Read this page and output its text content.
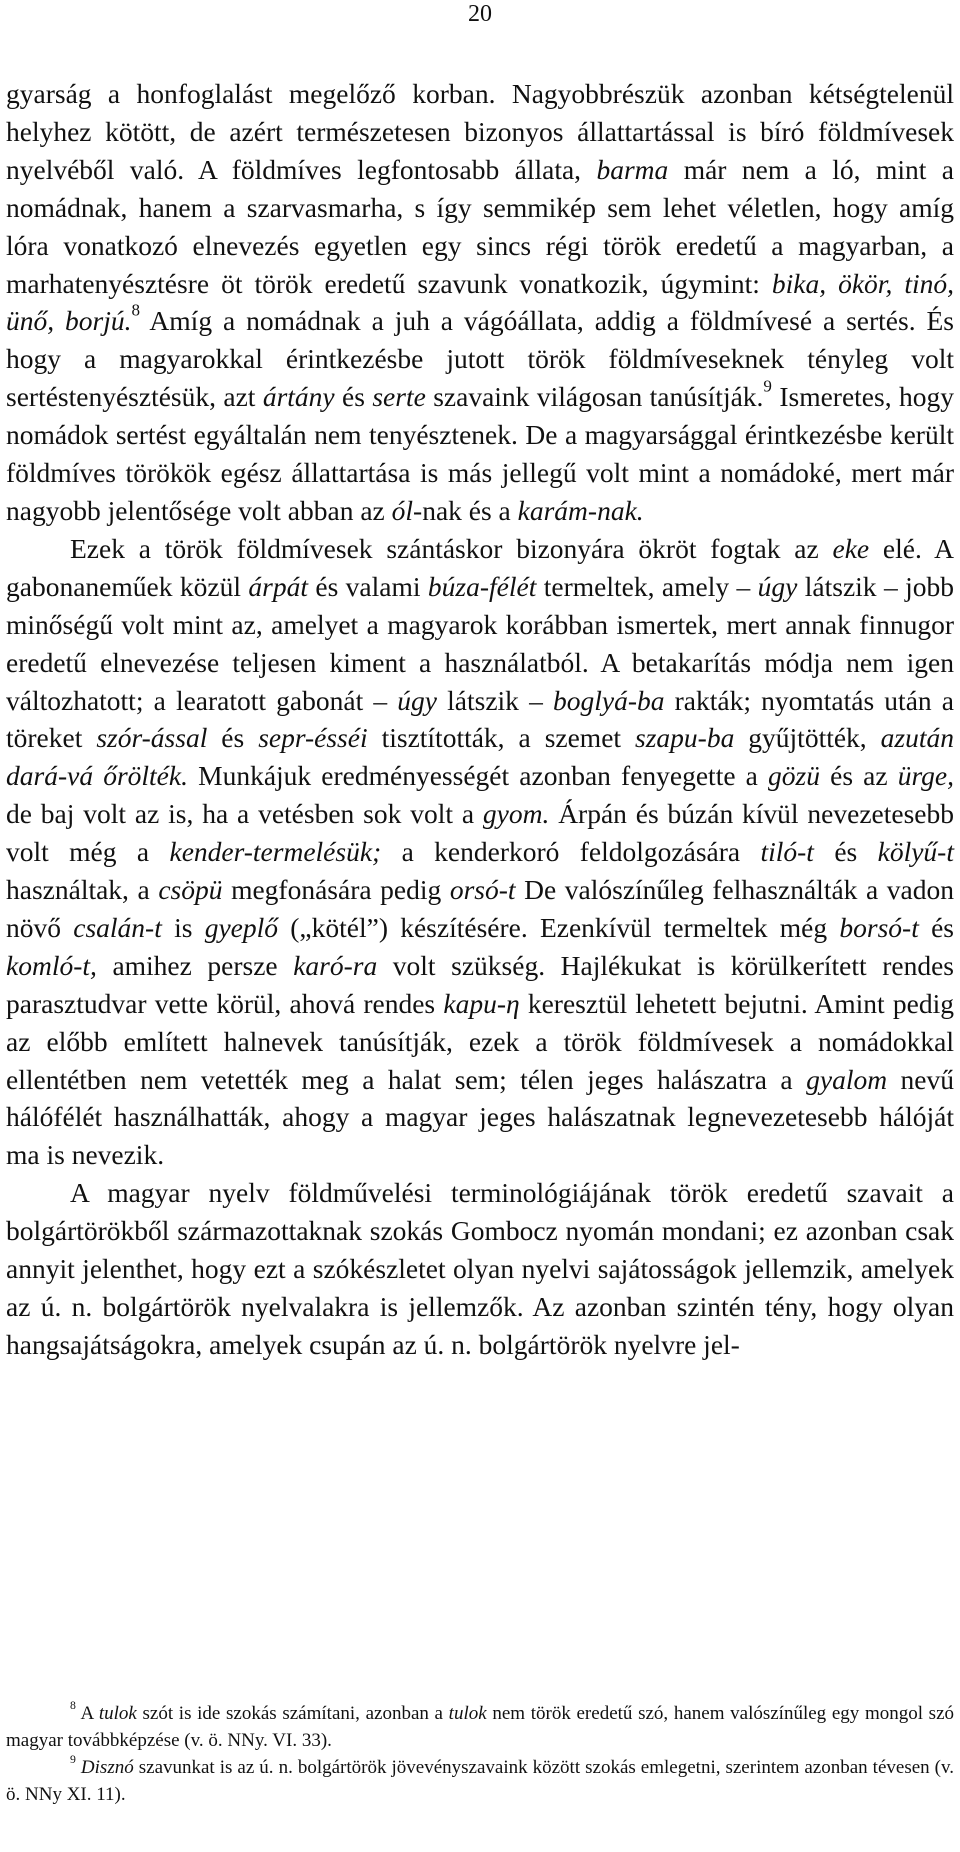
20

gyarság a honfoglalást megelőző korban. Nagyobbrészük azonban kétségtelenül helyhez kötött, de azért természetesen bizonyos állattartással is bíró földmívesek nyelvéből való. A földmíves legfontosabb állata, barma már nem a ló, mint a nomádnak, hanem a szarvasmarha, s így semmikép sem lehet véletlen, hogy amíg lóra vonatkozó elnevezés egyetlen egy sincs régi török eredetű a magyarban, a marhatenyésztésre öt török eredetű szavunk vonatkozik, úgymint: bika, ökör, tinó, ünő, borjú.$^8$ Amíg a nomádnak a juh a vágóállata, addig a földmívesé a sertés. És hogy a magyarokkal érintkezésbe jutott török földmíveseknek tényleg volt sertéstenyésztésük, azt ártány és serte szavaink világosan tanúsítják.$^9$ Ismeretes, hogy nomádok sertést egyáltalán nem tenyésztenek. De a magyarsággal érintkezésbe került földmíves törökök egész állattartása is más jellegű volt mint a nomádoké, mert már nagyobb jelentősége volt abban az ól-nak és a karám-nak.

Ezek a török földmívesek szántáskor bizonyára ökröt fogtak az eke elé. A gabonaneműek közül árpát és valami búza-félét termeltek, amely – úgy látszik – jobb minőségű volt mint az, amelyet a magyarok korábban ismertek, mert annak finnugor eredetű elnevezése teljesen kiment a használatból. A betakarítás módja nem igen változhatott; a learatott gabonát – úgy látszik – boglyá-ba rakták; nyomtatás után a töreket szór-ással és sepr-ésséi tisztították, a szemet szapu-ba gyűjtötték, azután dará-vá őrölték. Munkájuk eredményességét azonban fenyegette a gözü és az ürge, de baj volt az is, ha a vetésben sok volt a gyom. Árpán és búzán kívül nevezetesebb volt még a kender-termelésük; a kenderkoró feldolgozására tiló-t és kölyű-t használtak, a csöpü megfonására pedig orsó-t De valószínűleg felhasználták a vadon növő csalán-t is gyeplő („kötél”) készítésére. Ezenkívül termeltek még borsó-t és komló-t, amihez persze karó-ra volt szükség. Hajlékukat is körülkerített rendes parasztudvar vette körül, ahová rendes kapu-η keresztül lehetett bejutni. Amint pedig az előbb említett halnevek tanúsítják, ezek a török földmívesek a nomádokkal ellentétben nem vetették meg a halat sem; télen jeges halászatra a gyalom nevű hálófélét használhatták, ahogy a magyar jeges halászatnak legnevezetesebb hálóját ma is nevezik.

A magyar nyelv földművelési terminológiájának török eredetű szavait a bolgártörökből származottaknak szokás Gombocz nyomán mondani; ez azonban csak annyit jelenthet, hogy ezt a szókészletet olyan nyelvi sajátosságok jellemzik, amelyek az ú. n. bolgártörök nyelvalakra is jellemzők. Az azonban szintén tény, hogy olyan hangsajátságokra, amelyek csupán az ú. n. bolgártörök nyelvre jel-

$^8$ A tulok szót is ide szokás számítani, azonban a tulok nem török eredetű szó, hanem valószínűleg egy mongol szó magyar továbbképzése (v. ö. NNy. VI. 33).

$^9$ Disznó szavunkat is az ú. n. bolgártörök jövevényszavaink között szokás emlegetni, szerintem azonban tévesen (v. ö. NNy XI. 11).
